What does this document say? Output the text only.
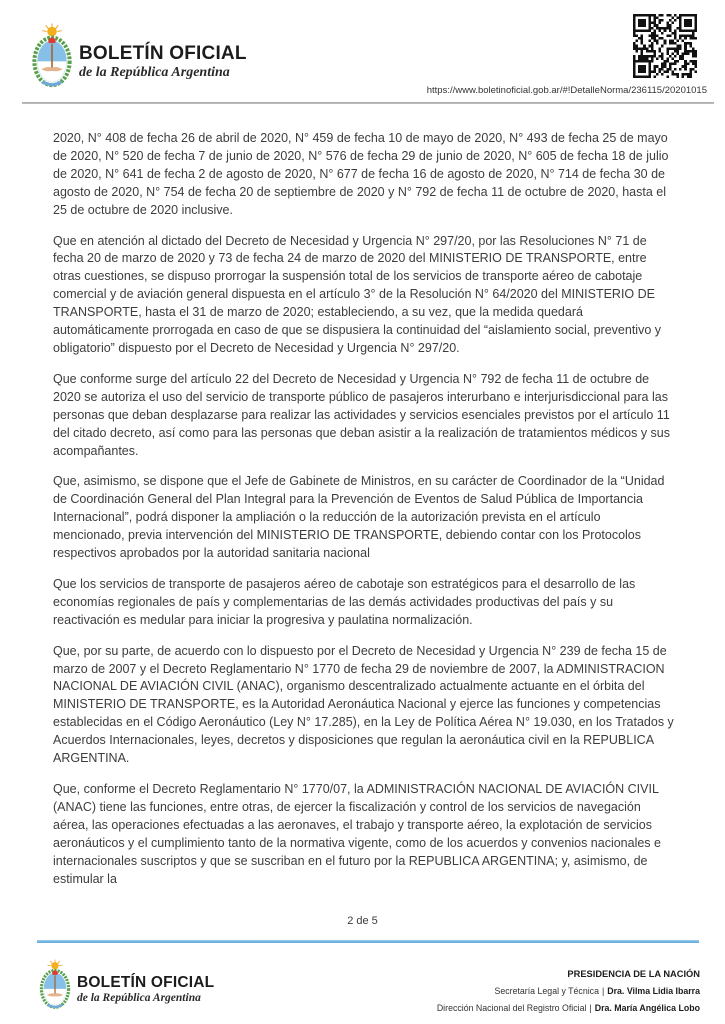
BOLETÍN OFICIAL
de la República Argentina
https://www.boletinoficial.gob.ar/#!DetalleNorma/236115/20201015

2020, N° 408 de fecha 26 de abril de 2020, N° 459 de fecha 10 de mayo de 2020, N° 493 de fecha 25 de mayo de 2020, N° 520 de fecha 7 de junio de 2020, N° 576 de fecha 29 de junio de 2020, N° 605 de fecha 18 de julio de 2020, N° 641 de fecha 2 de agosto de 2020, N° 677 de fecha 16 de agosto de 2020, N° 714 de fecha 30 de agosto de 2020, N° 754 de fecha 20 de septiembre de 2020 y N° 792 de fecha 11 de octubre de 2020, hasta el 25 de octubre de 2020 inclusive.

Que en atención al dictado del Decreto de Necesidad y Urgencia N° 297/20, por las Resoluciones N° 71 de fecha 20 de marzo de 2020 y 73 de fecha 24 de marzo de 2020 del MINISTERIO DE TRANSPORTE, entre otras cuestiones, se dispuso prorrogar la suspensión total de los servicios de transporte aéreo de cabotaje comercial y de aviación general dispuesta en el artículo 3° de la Resolución N° 64/2020 del MINISTERIO DE TRANSPORTE, hasta el 31 de marzo de 2020; estableciendo, a su vez, que la medida quedará automáticamente prorrogada en caso de que se dispusiera la continuidad del “aislamiento social, preventivo y obligatorio” dispuesto por el Decreto de Necesidad y Urgencia N° 297/20.

Que conforme surge del artículo 22 del Decreto de Necesidad y Urgencia N° 792 de fecha 11 de octubre de 2020 se autoriza el uso del servicio de transporte público de pasajeros interurbano e interjurisdiccional para las personas que deban desplazarse para realizar las actividades y servicios esenciales previstos por el artículo 11 del citado decreto, así como para las personas que deban asistir a la realización de tratamientos médicos y sus acompañantes.

Que, asimismo, se dispone que el Jefe de Gabinete de Ministros, en su carácter de Coordinador de la “Unidad de Coordinación General del Plan Integral para la Prevención de Eventos de Salud Pública de Importancia Internacional”, podrá disponer la ampliación o la reducción de la autorización prevista en el artículo mencionado, previa intervención del MINISTERIO DE TRANSPORTE, debiendo contar con los Protocolos respectivos aprobados por la autoridad sanitaria nacional

Que los servicios de transporte de pasajeros aéreo de cabotaje son estratégicos para el desarrollo de las economías regionales de país y complementarias de las demás actividades productivas del país y su reactivación es medular para iniciar la progresiva y paulatina normalización.

Que, por su parte, de acuerdo con lo dispuesto por el Decreto de Necesidad y Urgencia N° 239 de fecha 15 de marzo de 2007 y el Decreto Reglamentario N° 1770 de fecha 29 de noviembre de 2007, la ADMINISTRACION NACIONAL DE AVIACIÓN CIVIL (ANAC), organismo descentralizado actualmente actuante en el órbita del MINISTERIO DE TRANSPORTE, es la Autoridad Aeronáutica Nacional y ejerce las funciones y competencias establecidas en el Código Aeronáutico (Ley N° 17.285), en la Ley de Política Aérea N° 19.030, en los Tratados y Acuerdos Internacionales, leyes, decretos y disposiciones que regulan la aeronáutica civil en la REPUBLICA ARGENTINA.

Que, conforme el Decreto Reglamentario N° 1770/07, la ADMINISTRACIÓN NACIONAL DE AVIACIÓN CIVIL (ANAC) tiene las funciones, entre otras, de ejercer la fiscalización y control de los servicios de navegación aérea, las operaciones efectuadas a las aeronaves, el trabajo y transporte aéreo, la explotación de servicios aeronáuticos y el cumplimiento tanto de la normativa vigente, como de los acuerdos y convenios nacionales e internacionales suscriptos y que se suscriban en el futuro por la REPUBLICA ARGENTINA; y, asimismo, de estimular la

2 de 5
BOLETÍN OFICIAL
de la República Argentina
PRESIDENCIA DE LA NACIÓN
Secretaría Legal y Técnica | Dra. Vilma Lidia Ibarra
Dirección Nacional del Registro Oficial | Dra. María Angélica Lobo
